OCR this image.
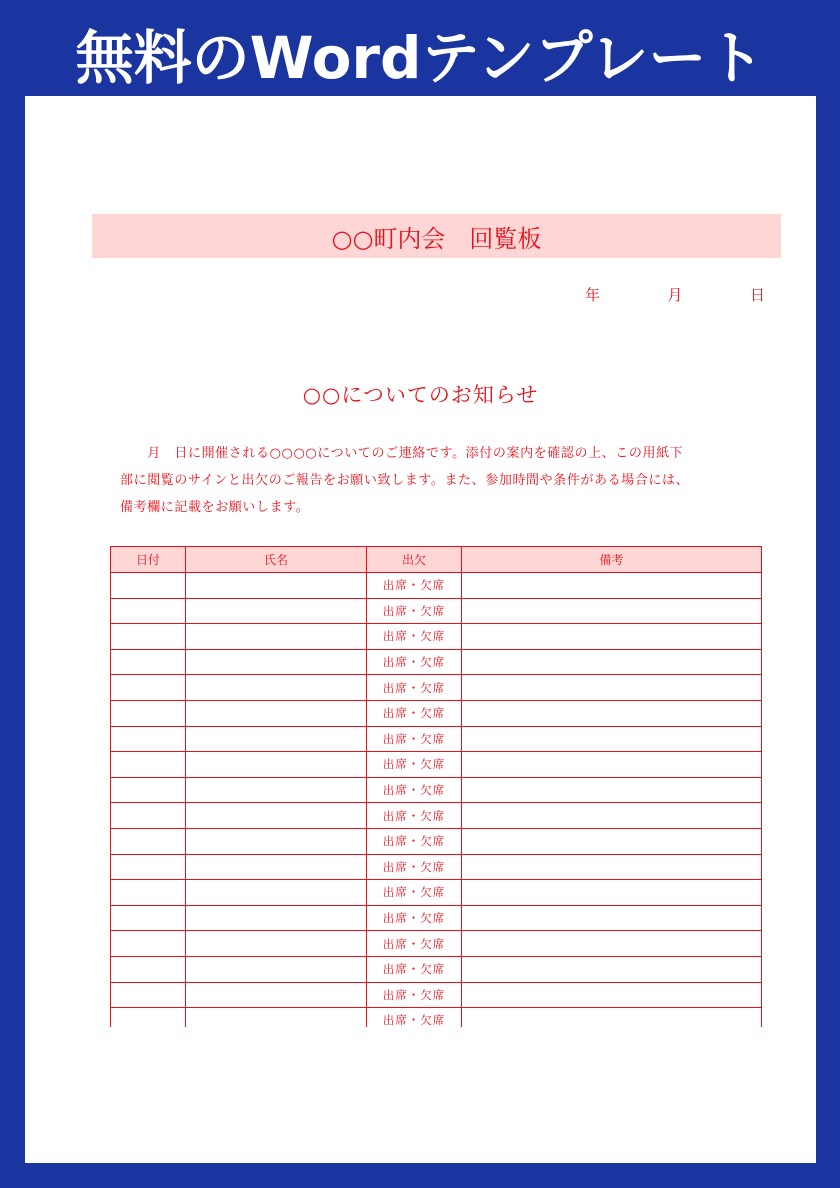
無料のWordテンプレート
○○町内会　回覧板
年	月	日
○○についてのお知らせ
　　月　日に開催される○○○○についてのご連絡です。添付の案内を確認の上、この用紙下
部に閲覧のサインと出欠のご報告をお願い致します。また、参加時間や条件がある場合には、
備考欄に記載をお願いします。
日付	氏名	出欠	備考
		出席・欠席	
		出席・欠席	
		出席・欠席	
		出席・欠席	
		出席・欠席	
		出席・欠席	
		出席・欠席	
		出席・欠席	
		出席・欠席	
		出席・欠席	
		出席・欠席	
		出席・欠席	
		出席・欠席	
		出席・欠席	
		出席・欠席	
		出席・欠席	
		出席・欠席	
		出席・欠席	
